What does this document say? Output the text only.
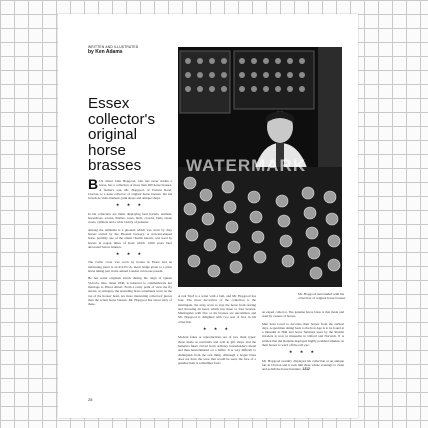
WRITTEN AND ILLUSTRATED
by Ken Adams
Essex collector's original horse brasses	WATERMARK

BUS driver John Hopgood, who has never ridden a horse, has a collection of more than 200 horse brasses. A farmer's son, Mr. Hopgood, of Truvest Road, Clacton, is a keen collector of original horse brasses. On his travels he visits markets, junk shops and antique shops.

★ ★ ★

In his collection are items displaying bear barrels, animals, horseshoes, acorns, thistles, roses, birds, crowns, bells, estate crests, symbols and a wide variety of patterns.

Among the emblems is a phoenix which was worn by dray horses owned by the Phoenix brewery. A crescent-shaped brass, possibly one of the oldest charms known, was used by horses in pagan times of Kent which 1,000 years later decorated Saxon banners.

★ ★ ★

The Celtic cross was worn by horses in Essex and an interesting piece is an R.S.P.C.A. merit badge given to a prize horse taking part in the annual London van horse parade.

He has some originals struck during the reign of Queen Victoria. One, dated 1840, is believed to commemorate her marriage to Prince Albert. From a rarity point of view the fly terrets, or swingers, the spreading brass ornaments worn on the top of the horses' head, are more interesting collectors' pieces than the actual horse brasses. Mr. Hopgood has about sixty of these.

A real 'find' is a terret with a bell, and Mr. Hopgood has four. The most decorative of the collection is the martingale, the strap worn to stop the horse from rearing and throwing its head, which has three or four brasses. Martingales with five or six brasses are uncommon and Mr. Hopgood is delighted with two sets of five in his collection.

★ ★ ★

Modern fakes or reproductions are of two main types: those made as souvenirs and sold in gift shops and the ballerina fakes carved from ordinary householder's metal and then hand-finished on a buffer. It is very difficult to distinguish from the real thing. Although a bogus brass does not have the wear that would be seen, the face of a genuine item is sometimes fools

Mr. Hopgood surrounded with his collection of original horse brasses

an expert collector. The genuine horse brass is that made and used by owners of horses.

Men have loved to decorate their horses from the earliest days. A specimen dating back to the Iron Age is to be found at a museum at Hull and horse furniture used by the Roman invaders is now in museums in Oxford and Norwich. It is written that the Romans displayed highly polished amulets on their horses to ward off the evil eye.

★ ★ ★

Mr. Hopgood recently displayed his collection at an antique fair in Clacton and it took him three whole evenings to clean and polish the horse furniture. 1212

28
